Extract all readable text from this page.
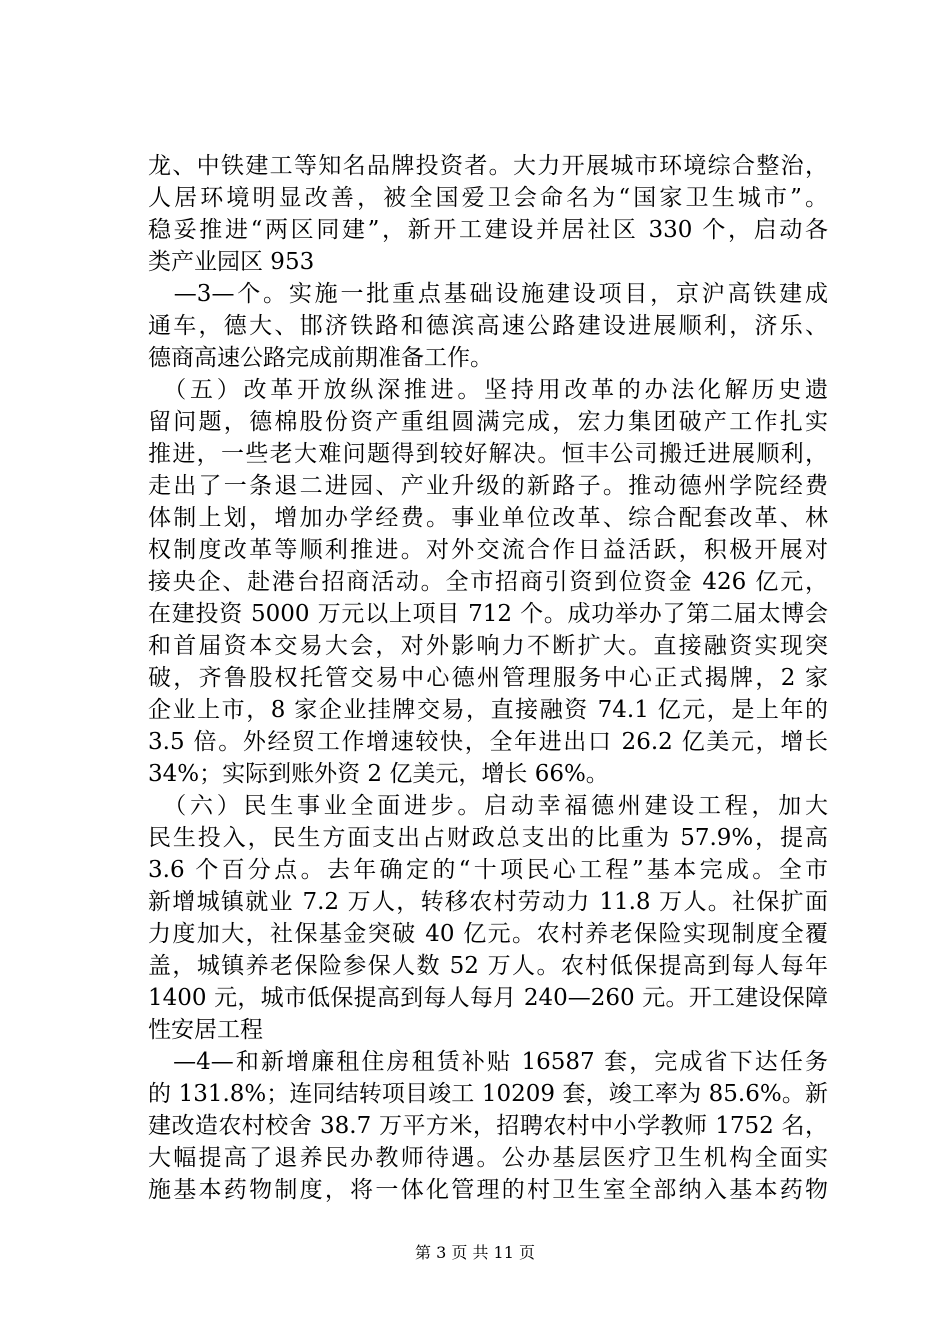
龙、中铁建工等知名品牌投资者。大力开展城市环境综合整治，
人居环境明显改善，被全国爱卫会命名为“国家卫生城市”。
稳妥推进“两区同建”，新开工建设并居社区 330 个，启动各
类产业园区 953
　—3—个。实施一批重点基础设施建设项目，京沪高铁建成
通车，德大、邯济铁路和德滨高速公路建设进展顺利，济乐、
德商高速公路完成前期准备工作。
　（五）改革开放纵深推进。坚持用改革的办法化解历史遗
留问题，德棉股份资产重组圆满完成，宏力集团破产工作扎实
推进，一些老大难问题得到较好解决。恒丰公司搬迁进展顺利，
走出了一条退二进园、产业升级的新路子。推动德州学院经费
体制上划，增加办学经费。事业单位改革、综合配套改革、林
权制度改革等顺利推进。对外交流合作日益活跃，积极开展对
接央企、赴港台招商活动。全市招商引资到位资金 426 亿元，
在建投资 5000 万元以上项目 712 个。成功举办了第二届太博会
和首届资本交易大会，对外影响力不断扩大。直接融资实现突
破，齐鲁股权托管交易中心德州管理服务中心正式揭牌，2 家
企业上市，8 家企业挂牌交易，直接融资 74.1 亿元，是上年的
3.5 倍。外经贸工作增速较快，全年进出口 26.2 亿美元，增长
34%；实际到账外资 2 亿美元，增长 66%。
　（六）民生事业全面进步。启动幸福德州建设工程，加大
民生投入，民生方面支出占财政总支出的比重为 57.9%，提高
3.6 个百分点。去年确定的“十项民心工程”基本完成。全市
新增城镇就业 7.2 万人，转移农村劳动力 11.8 万人。社保扩面
力度加大，社保基金突破 40 亿元。农村养老保险实现制度全覆
盖，城镇养老保险参保人数 52 万人。农村低保提高到每人每年
1400 元，城市低保提高到每人每月 240—260 元。开工建设保障
性安居工程
　—4—和新增廉租住房租赁补贴 16587 套，完成省下达任务
的 131.8%；连同结转项目竣工 10209 套，竣工率为 85.6%。新
建改造农村校舍 38.7 万平方米，招聘农村中小学教师 1752 名，
大幅提高了退养民办教师待遇。公办基层医疗卫生机构全面实
施基本药物制度，将一体化管理的村卫生室全部纳入基本药物
第 3 页 共 11 页
